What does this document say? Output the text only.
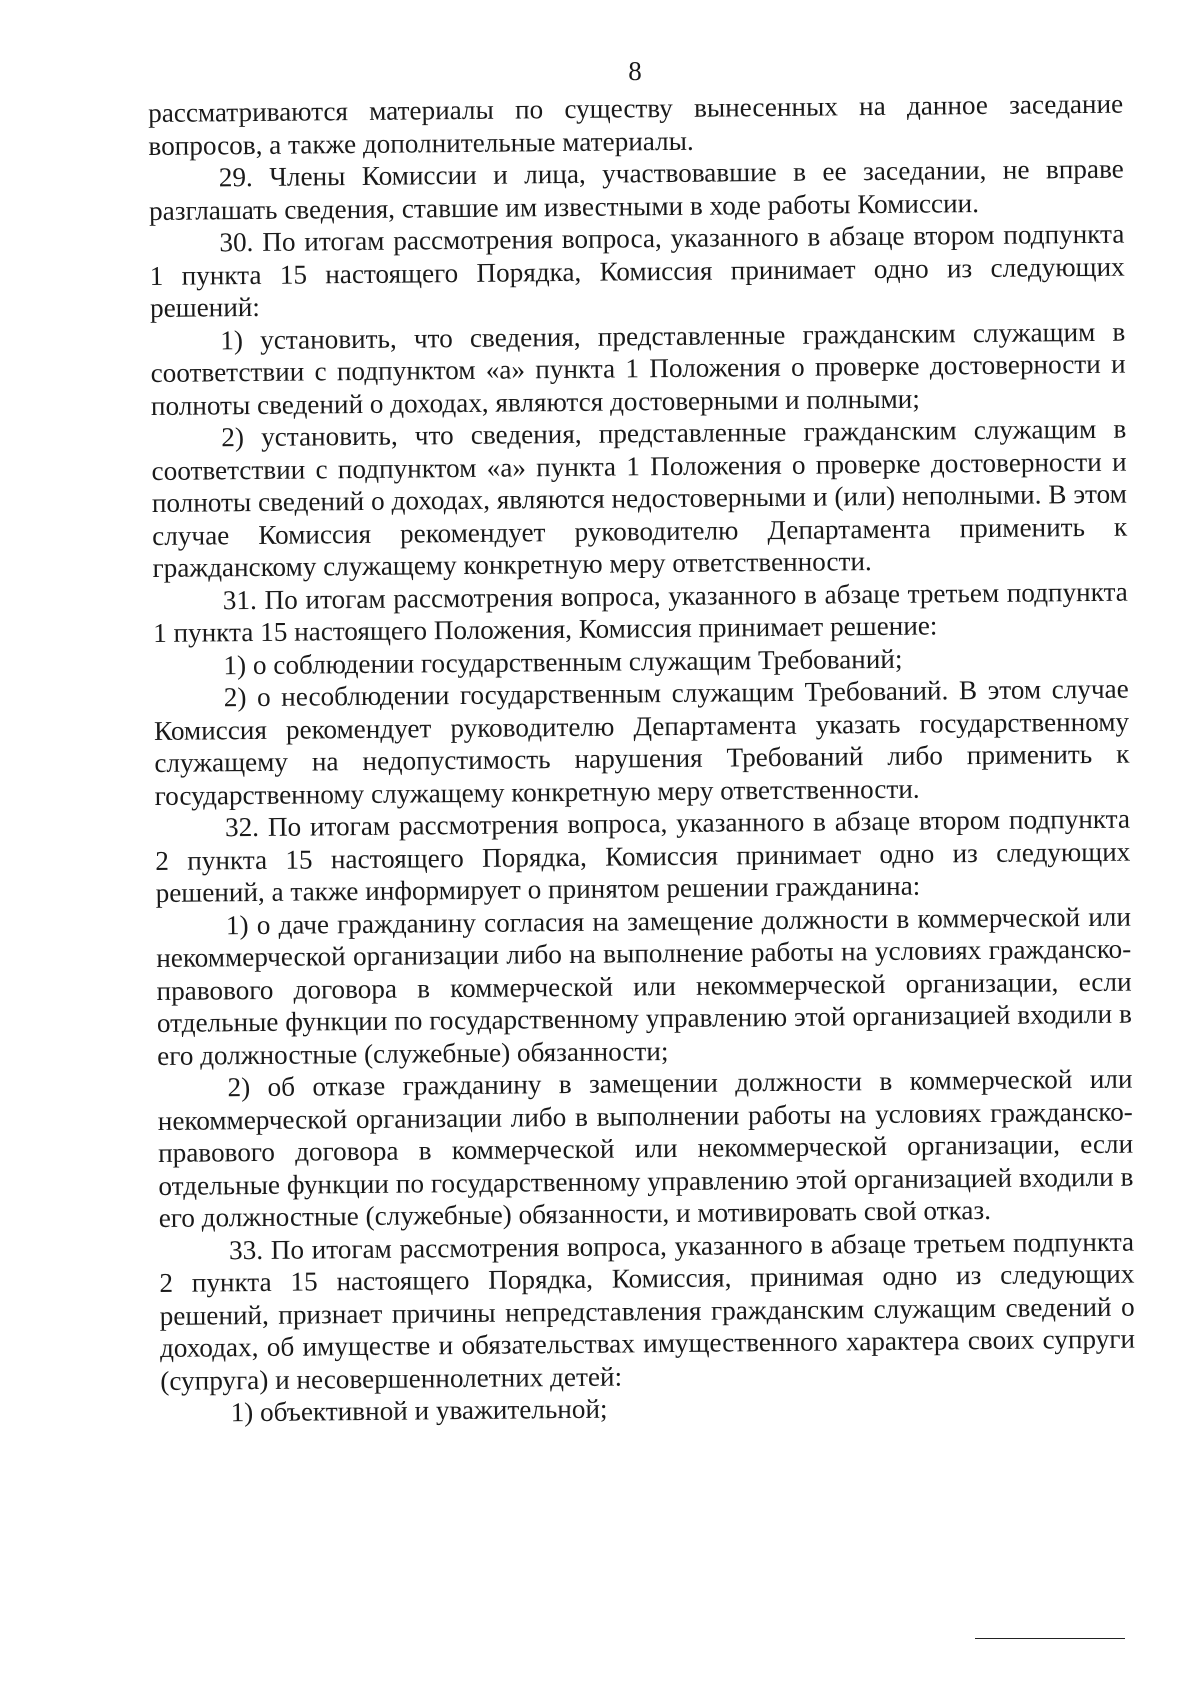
8

рассматриваются материалы по существу вынесенных на данное заседание вопросов, а также дополнительные материалы.

29. Члены Комиссии и лица, участвовавшие в ее заседании, не вправе разглашать сведения, ставшие им известными в ходе работы Комиссии.

30. По итогам рассмотрения вопроса, указанного в абзаце втором подпункта 1 пункта 15 настоящего Порядка, Комиссия принимает одно из следующих решений:

1) установить, что сведения, представленные гражданским служащим в соответствии с подпунктом «а» пункта 1 Положения о проверке достоверности и полноты сведений о доходах, являются достоверными и полными;

2) установить, что сведения, представленные гражданским служащим в соответствии с подпунктом «а» пункта 1 Положения о проверке достоверности и полноты сведений о доходах, являются недостоверными и (или) неполными. В этом случае Комиссия рекомендует руководителю Департамента применить к гражданскому служащему конкретную меру ответственности.

31. По итогам рассмотрения вопроса, указанного в абзаце третьем подпункта 1 пункта 15 настоящего Положения, Комиссия принимает решение:

1) о соблюдении государственным служащим Требований;

2) о несоблюдении государственным служащим Требований. В этом случае Комиссия рекомендует руководителю Департамента указать государственному служащему на недопустимость нарушения Требований либо применить к государственному служащему конкретную меру ответственности.

32. По итогам рассмотрения вопроса, указанного в абзаце втором подпункта 2 пункта 15 настоящего Порядка, Комиссия принимает одно из следующих решений, а также информирует о принятом решении гражданина:

1) о даче гражданину согласия на замещение должности в коммерческой или некоммерческой организации либо на выполнение работы на условиях гражданско-правового договора в коммерческой или некоммерческой организации, если отдельные функции по государственному управлению этой организацией входили в его должностные (служебные) обязанности;

2) об отказе гражданину в замещении должности в коммерческой или некоммерческой организации либо в выполнении работы на условиях гражданско-правового договора в коммерческой или некоммерческой организации, если отдельные функции по государственному управлению этой организацией входили в его должностные (служебные) обязанности, и мотивировать свой отказ.

33. По итогам рассмотрения вопроса, указанного в абзаце третьем подпункта 2 пункта 15 настоящего Порядка, Комиссия, принимая одно из следующих решений, признает причины непредставления гражданским служащим сведений о доходах, об имуществе и обязательствах имущественного характера своих супруги (супруга) и несовершеннолетних детей:

1) объективной и уважительной;
